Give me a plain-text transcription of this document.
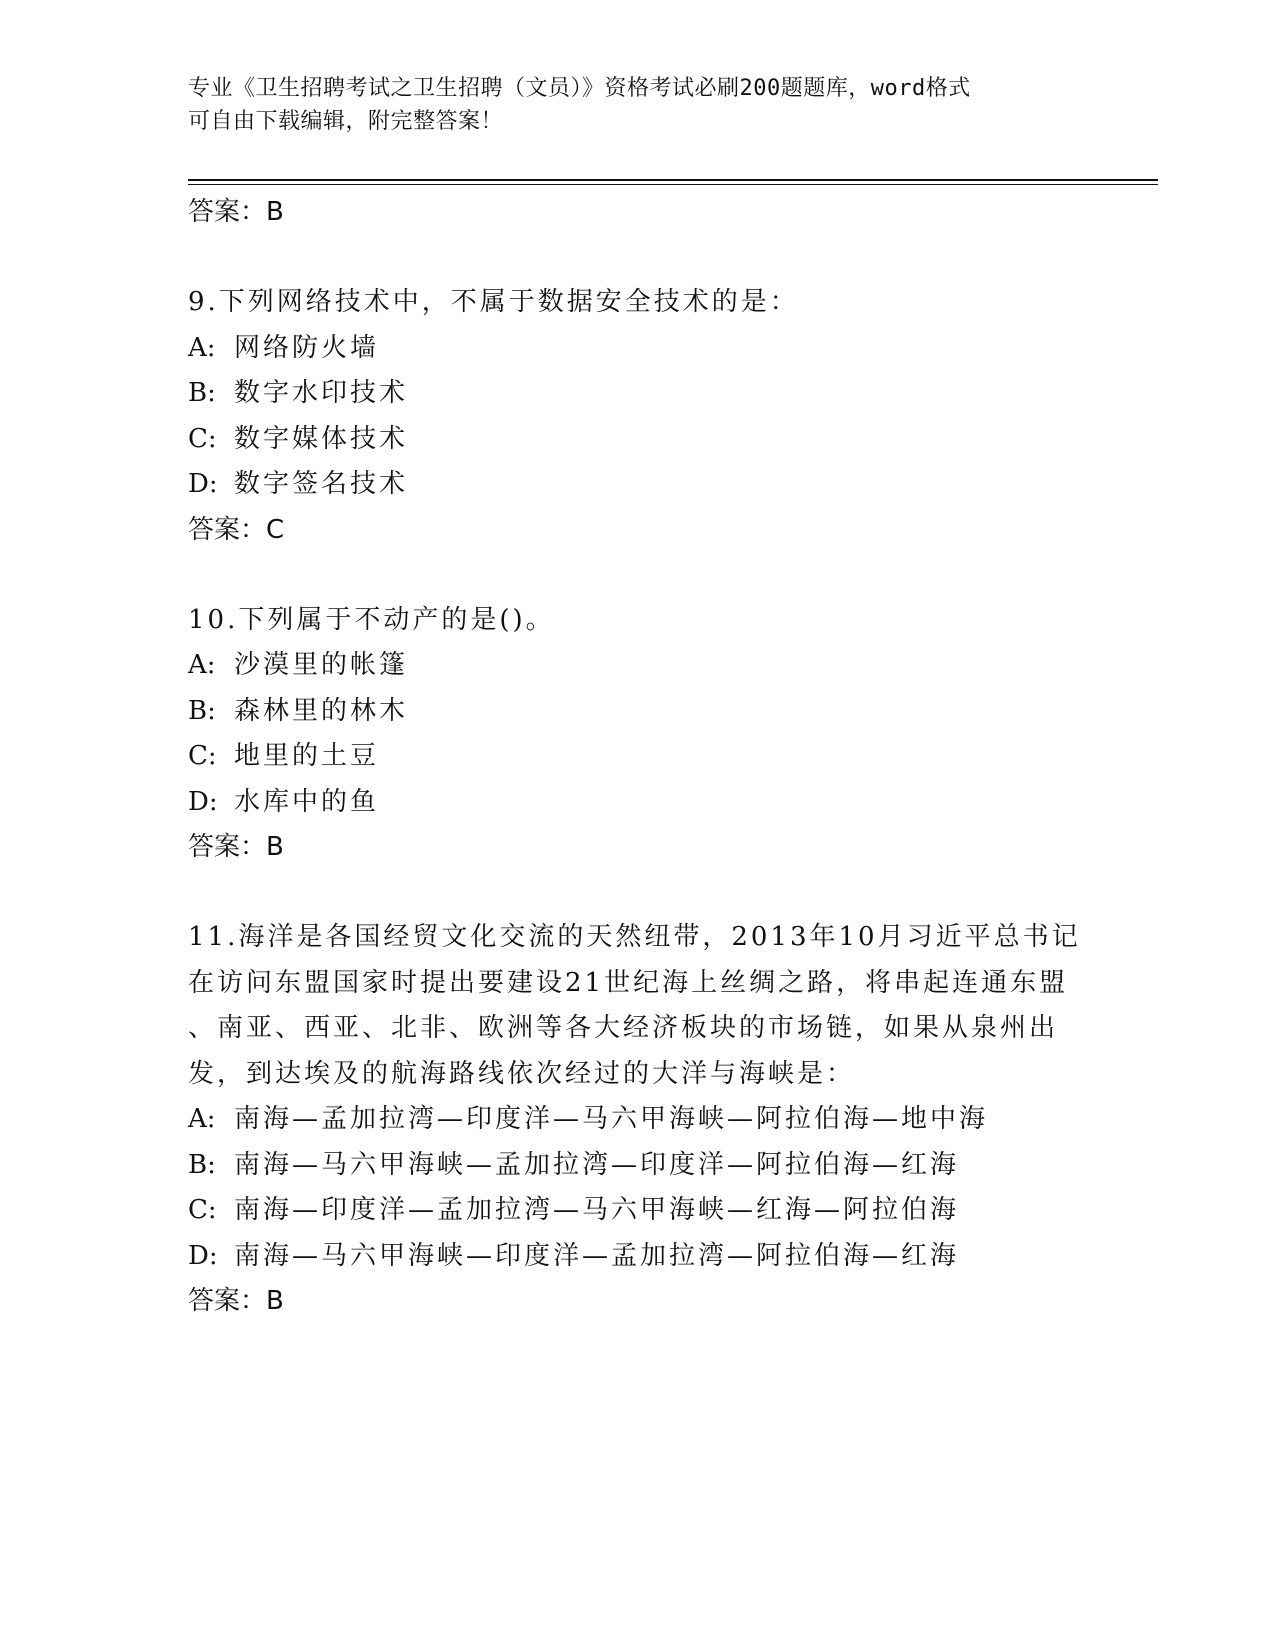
专业《卫生招聘考试之卫生招聘（文员）》资格考试必刷200题题库，word格式
可自由下载编辑，附完整答案！

答案：B

9.下列网络技术中，不属于数据安全技术的是：

A: 网络防火墙

B: 数字水印技术

C: 数字媒体技术

D: 数字签名技术

答案：C

10.下列属于不动产的是()。

A: 沙漠里的帐篷

B: 森林里的林木

C: 地里的土豆

D: 水库中的鱼

答案：B

11.海洋是各国经贸文化交流的天然纽带，2013年10月习近平总书记

在访问东盟国家时提出要建设21世纪海上丝绸之路，将串起连通东盟

、南亚、西亚、北非、欧洲等各大经济板块的市场链，如果从泉州出

发，到达埃及的航海路线依次经过的大洋与海峡是：

A: 南海—孟加拉湾—印度洋—马六甲海峡—阿拉伯海—地中海

B: 南海—马六甲海峡—孟加拉湾—印度洋—阿拉伯海—红海

C: 南海—印度洋—孟加拉湾—马六甲海峡—红海—阿拉伯海

D: 南海—马六甲海峡—印度洋—孟加拉湾—阿拉伯海—红海

答案：B
